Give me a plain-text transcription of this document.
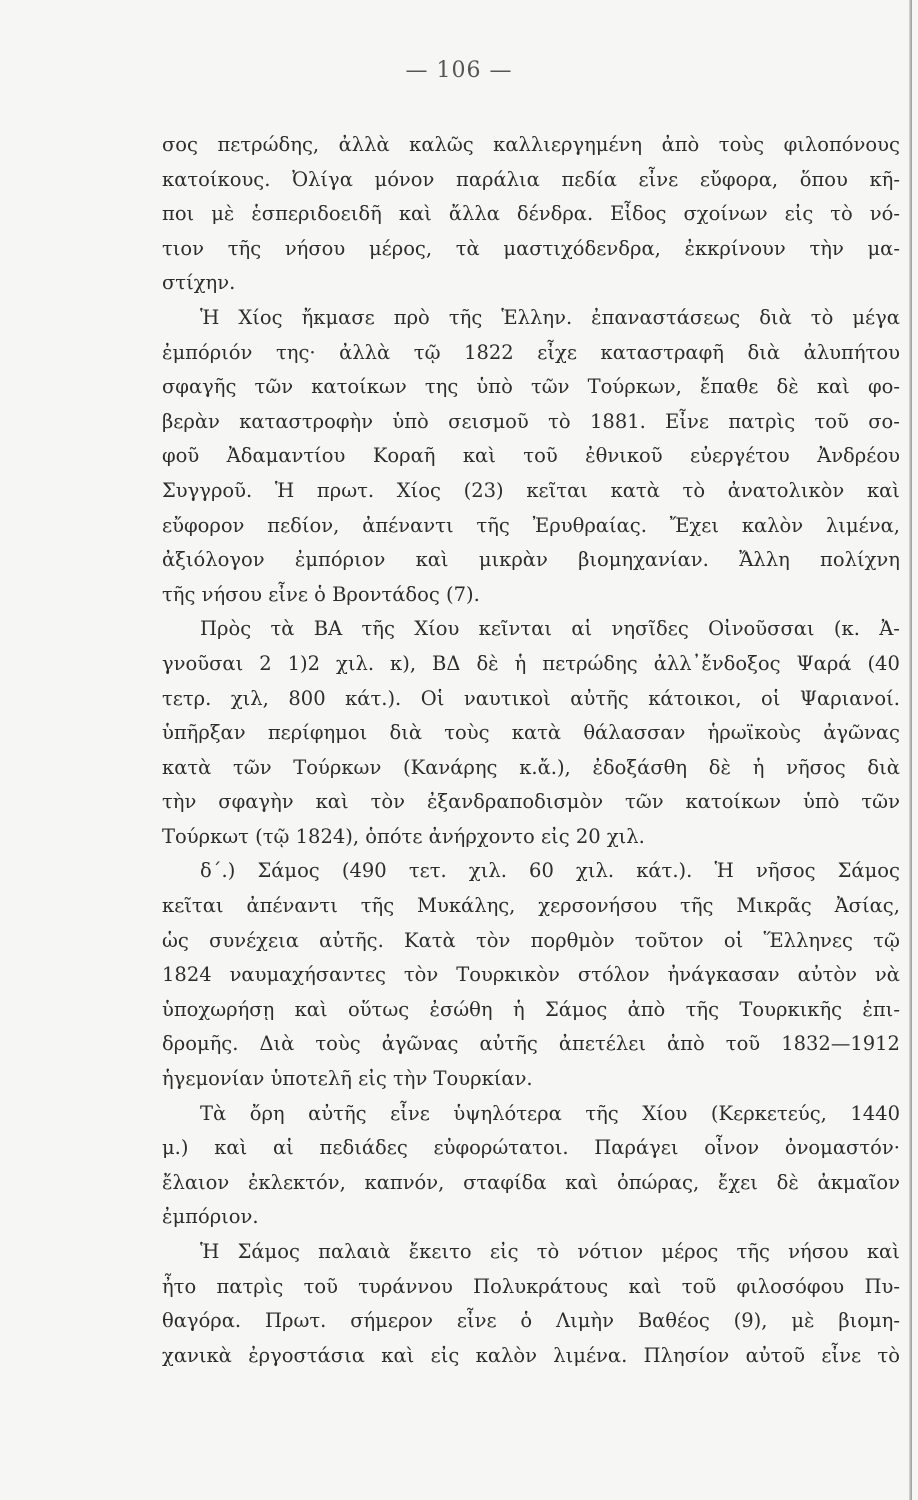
— 106 —
σος πετρώδης, ἀλλὰ καλῶς καλλιεργημένη ἀπὸ τοὺς φιλοπόνους
κατοίκους. Ὀλίγα μόνον παράλια πεδία εἶνε εὔφορα, ὅπου κῆ-
ποι μὲ ἑσπεριδοειδῆ καὶ ἄλλα δένδρα. Εἶδος σχοίνων εἰς τὸ νό-
τιον τῆς νήσου μέρος, τὰ μαστιχόδενδρα, ἐκκρίνουν τὴν μα-
στίχην.
Ἡ Χίος ἤκμασε πρὸ τῆς Ἑλλην. ἐπαναστάσεως διὰ τὸ μέγα
ἐμπόριόν της· ἀλλὰ τῷ 1822 εἶχε καταστραφῆ διὰ ἀλυπήτου
σφαγῆς τῶν κατοίκων της ὑπὸ τῶν Τούρκων, ἔπαθε δὲ καὶ φο-
βερὰν καταστροφὴν ὑπὸ σεισμοῦ τὸ 1881. Εἶνε πατρὶς τοῦ σο-
φοῦ Ἀδαμαντίου Κοραῆ καὶ τοῦ ἐθνικοῦ εὐεργέτου Ἀνδρέου
Συγγροῦ. Ἡ πρωτ. Χίος (23) κεῖται κατὰ τὸ ἀνατολικὸν καὶ
εὔφορον πεδίον, ἀπέναντι τῆς Ἐρυθραίας. Ἔχει καλὸν λιμένα,
ἀξιόλογον ἐμπόριον καὶ μικρὰν βιομηχανίαν. Ἄλλη πολίχνη
τῆς νήσου εἶνε ὁ Βροντάδος (7).
Πρὸς τὰ ΒΑ τῆς Χίου κεῖνται αἱ νησῖδες Οἰνοῦσσαι (κ. Ἀ-
γνοῦσαι 2 1)2 χιλ. κ), ΒΔ δὲ ἡ πετρώδης ἀλλ᾽ἔνδοξος Ψαρά (40
τετρ. χιλ, 800 κάτ.). Οἱ ναυτικοὶ αὐτῆς κάτοικοι, οἱ Ψαριανοί.
ὑπῆρξαν περίφημοι διὰ τοὺς κατὰ θάλασσαν ἡρωϊκοὺς ἀγῶνας
κατὰ τῶν Τούρκων (Κανάρης κ.ἄ.), ἐδοξάσθη δὲ ἡ νῆσος διὰ
τὴν σφαγὴν καὶ τὸν ἐξανδραποδισμὸν τῶν κατοίκων ὑπὸ τῶν
Τούρκωτ (τῷ 1824), ὁπότε ἀνήρχοντο εἰς 20 χιλ.
δ΄.) Σάμος (490 τετ. χιλ. 60 χιλ. κάτ.). Ἡ νῆσος Σάμος
κεῖται ἀπέναντι τῆς Μυκάλης, χερσονήσου τῆς Μικρᾶς Ἀσίας,
ὡς συνέχεια αὐτῆς. Κατὰ τὸν πορθμὸν τοῦτον οἱ Ἕλληνες τῷ
1824 ναυμαχήσαντες τὸν Τουρκικὸν στόλον ἠνάγκασαν αὐτὸν νὰ
ὑποχωρήσῃ καὶ οὕτως ἐσώθη ἡ Σάμος ἀπὸ τῆς Τουρκικῆς ἐπι-
δρομῆς. Διὰ τοὺς ἀγῶνας αὐτῆς ἀπετέλει ἀπὸ τοῦ 1832—1912
ἡγεμονίαν ὑποτελῆ εἰς τὴν Τουρκίαν.
Τὰ ὄρη αὐτῆς εἶνε ὑψηλότερα τῆς Χίου (Κερκετεύς, 1440
μ.) καὶ αἱ πεδιάδες εὐφορώτατοι. Παράγει οἶνον ὀνομαστόν·
ἔλαιον ἐκλεκτόν, καπνόν, σταφίδα καὶ ὀπώρας, ἔχει δὲ ἀκμαῖον
ἐμπόριον.
Ἡ Σάμος παλαιὰ ἔκειτο εἰς τὸ νότιον μέρος τῆς νήσου καὶ
ἦτο πατρὶς τοῦ τυράννου Πολυκράτους καὶ τοῦ φιλοσόφου Πυ-
θαγόρα. Πρωτ. σήμερον εἶνε ὁ Λιμὴν Βαθέος (9), μὲ βιομη-
χανικὰ ἐργοστάσια καὶ εἰς καλὸν λιμένα. Πλησίον αὐτοῦ εἶνε τὸ
